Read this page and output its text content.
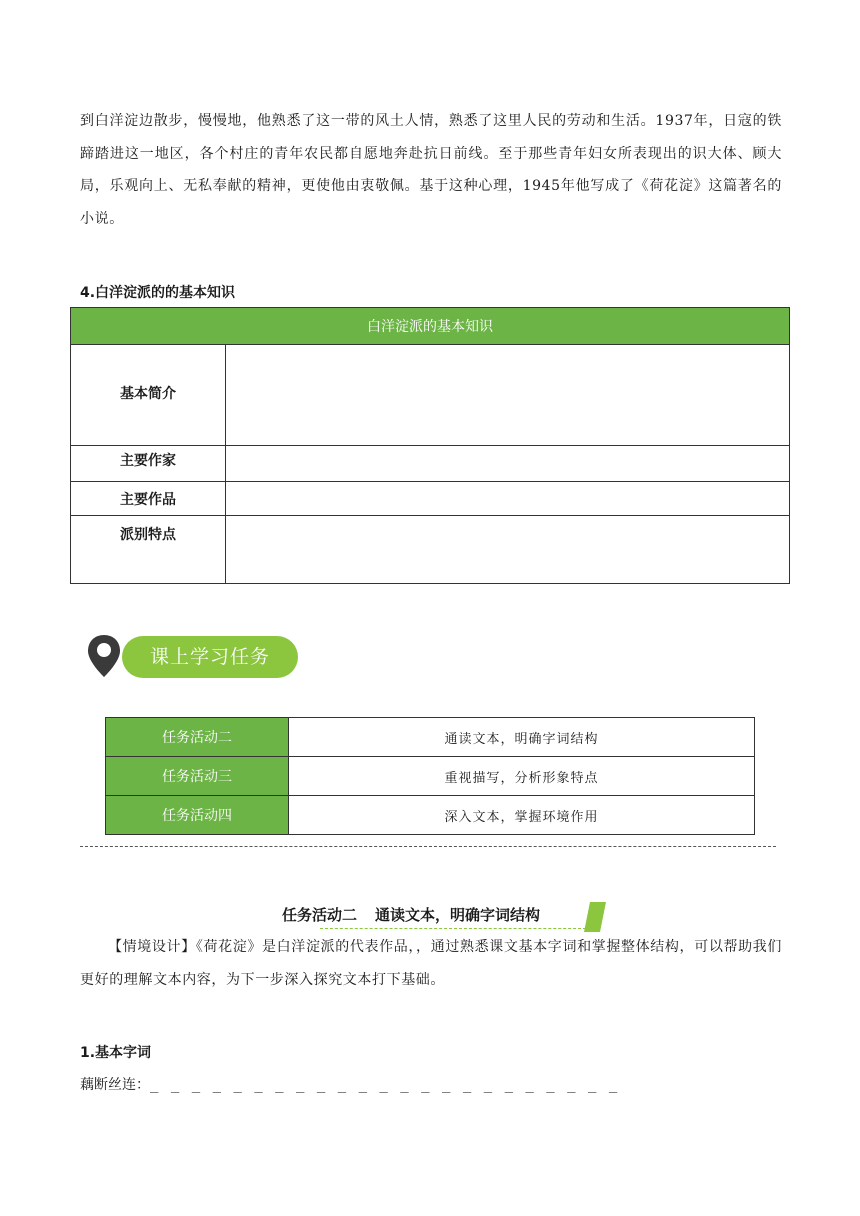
到白洋淀边散步，慢慢地，他熟悉了这一带的风土人情，熟悉了这里人民的劳动和生活。1937年，日寇的铁蹄踏进这一地区，各个村庄的青年农民都自愿地奔赴抗日前线。至于那些青年妇女所表现出的识大体、顾大局，乐观向上、无私奉献的精神，更使他由衷敬佩。基于这种心理，1945年他写成了《荷花淀》这篇著名的小说。

4.白洋淀派的的基本知识

白洋淀派的基本知识	
基本简介	
主要作家	
主要作品	
派别特点	
课上学习任务
任务活动二	通读文本，明确字词结构
任务活动三	重视描写，分析形象特点
任务活动四	深入文本，掌握环境作用
任务活动二 通读文本，明确字词结构

【情境设计】《荷花淀》是白洋淀派的代表作品，，通过熟悉课文基本字词和掌握整体结构，可以帮助我们更好的理解文本内容，为下一步深入探究文本打下基础。

1.基本字词

藕断丝连：_ _ _ _ _ _ _ _ _ _ _ _ _ _ _ _ _ _ _ _ _ _ _
